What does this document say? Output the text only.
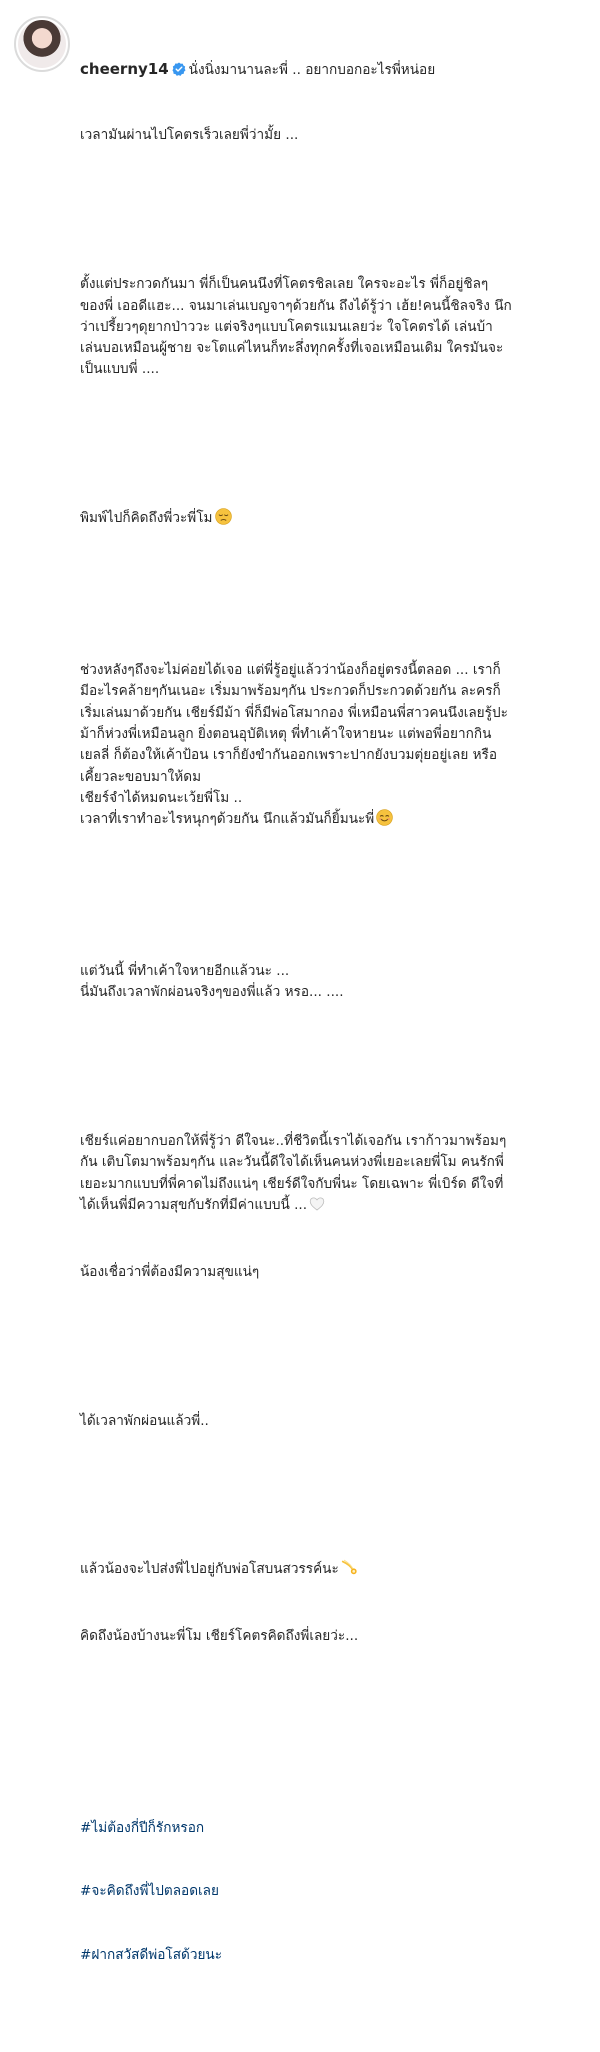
cheerny14 นั่งนิ่งมานานละพี่ .. อยากบอกอะไรพี่หน่อย

เวลามันผ่านไปโคตรเร็วเลยพี่ว่ามั้ย ...

ตั้งแต่ประกวดกันมา พี่ก็เป็นคนนึงที่โคตรชิลเลย ใครจะอะไร พี่ก็อยู่ชิลๆ
ของพี่ เออดีแฮะ... จนมาเล่นเบญจาๆด้วยกัน ถึงได้รู้ว่า เฮ้ย!คนนี้ชิลจริง นึก
ว่าเปรี้ยวๆดุยากป่าววะ แต่จริงๆแบบโคตรแมนเลยว่ะ ใจโคตรได้ เล่นบ้า
เล่นบอเหมือนผู้ชาย จะโตแค่ไหนก็ทะลึ่งทุกครั้งที่เจอเหมือนเดิม ใครมันจะ
เป็นแบบพี่ ....

พิมพ์ไปก็คิดถึงพี่วะพี่โม

ช่วงหลังๆถึงจะไม่ค่อยได้เจอ แต่พี่รู้อยู่แล้วว่าน้องก็อยู่ตรงนี้ตลอด ... เราก็
มีอะไรคล้ายๆกันเนอะ เริ่มมาพร้อมๆกัน ประกวดก็ประกวดด้วยกัน ละครก็
เริ่มเล่นมาด้วยกัน เชียร์มีม้า พี่ก็มีพ่อโสมากอง พี่เหมือนพี่สาวคนนึงเลยรู้ปะ
ม้าก็ห่วงพี่เหมือนลูก ยิ่งตอนอุบัติเหตุ พี่ทำเค้าใจหายนะ แต่พอพี่อยากกิน
เยลลี่ ก็ต้องให้เค้าป้อน เราก็ยังขำกันออกเพราะปากยังบวมตุ่ยอยู่เลย หรือ
เคี้ยวละขอบมาให้ดม
เชียร์จำได้หมดนะเว้ยพี่โม ..
เวลาที่เราทำอะไรหนุกๆด้วยกัน นึกแล้วมันก็ยิ้มนะพี่

แต่วันนี้ พี่ทำเค้าใจหายอีกแล้วนะ ...
นี่มันถึงเวลาพักผ่อนจริงๆของพี่แล้ว หรอ... ....

เชียร์แค่อยากบอกให้พี่รู้ว่า ดีใจนะ..ที่ชีวิตนี้เราได้เจอกัน เราก้าวมาพร้อมๆ
กัน เติบโตมาพร้อมๆกัน และวันนี้ดีใจได้เห็นคนห่วงพี่เยอะเลยพี่โม คนรักพี่
เยอะมากแบบที่พี่คาดไม่ถึงแน่ๆ เชียร์ดีใจกับพี่นะ โดยเฉพาะ พี่เบิร์ด ดีใจที่
ได้เห็นพี่มีความสุขกับรักที่มีค่าแบบนี้ ...

น้องเชื่อว่าพี่ต้องมีความสุขแน่ๆ

ได้เวลาพักผ่อนแล้วพี่..

แล้วน้องจะไปส่งพี่ไปอยู่กับพ่อโสบนสวรรค์นะ

คิดถึงน้องบ้างนะพี่โม เชียร์โคตรคิดถึงพี่เลยว่ะ...

#ไม่ต้องกี่ปีก็รักหรอก

#จะคิดถึงพี่ไปตลอดเลย

#ฝากสวัสดีพ่อโสด้วยนะ
